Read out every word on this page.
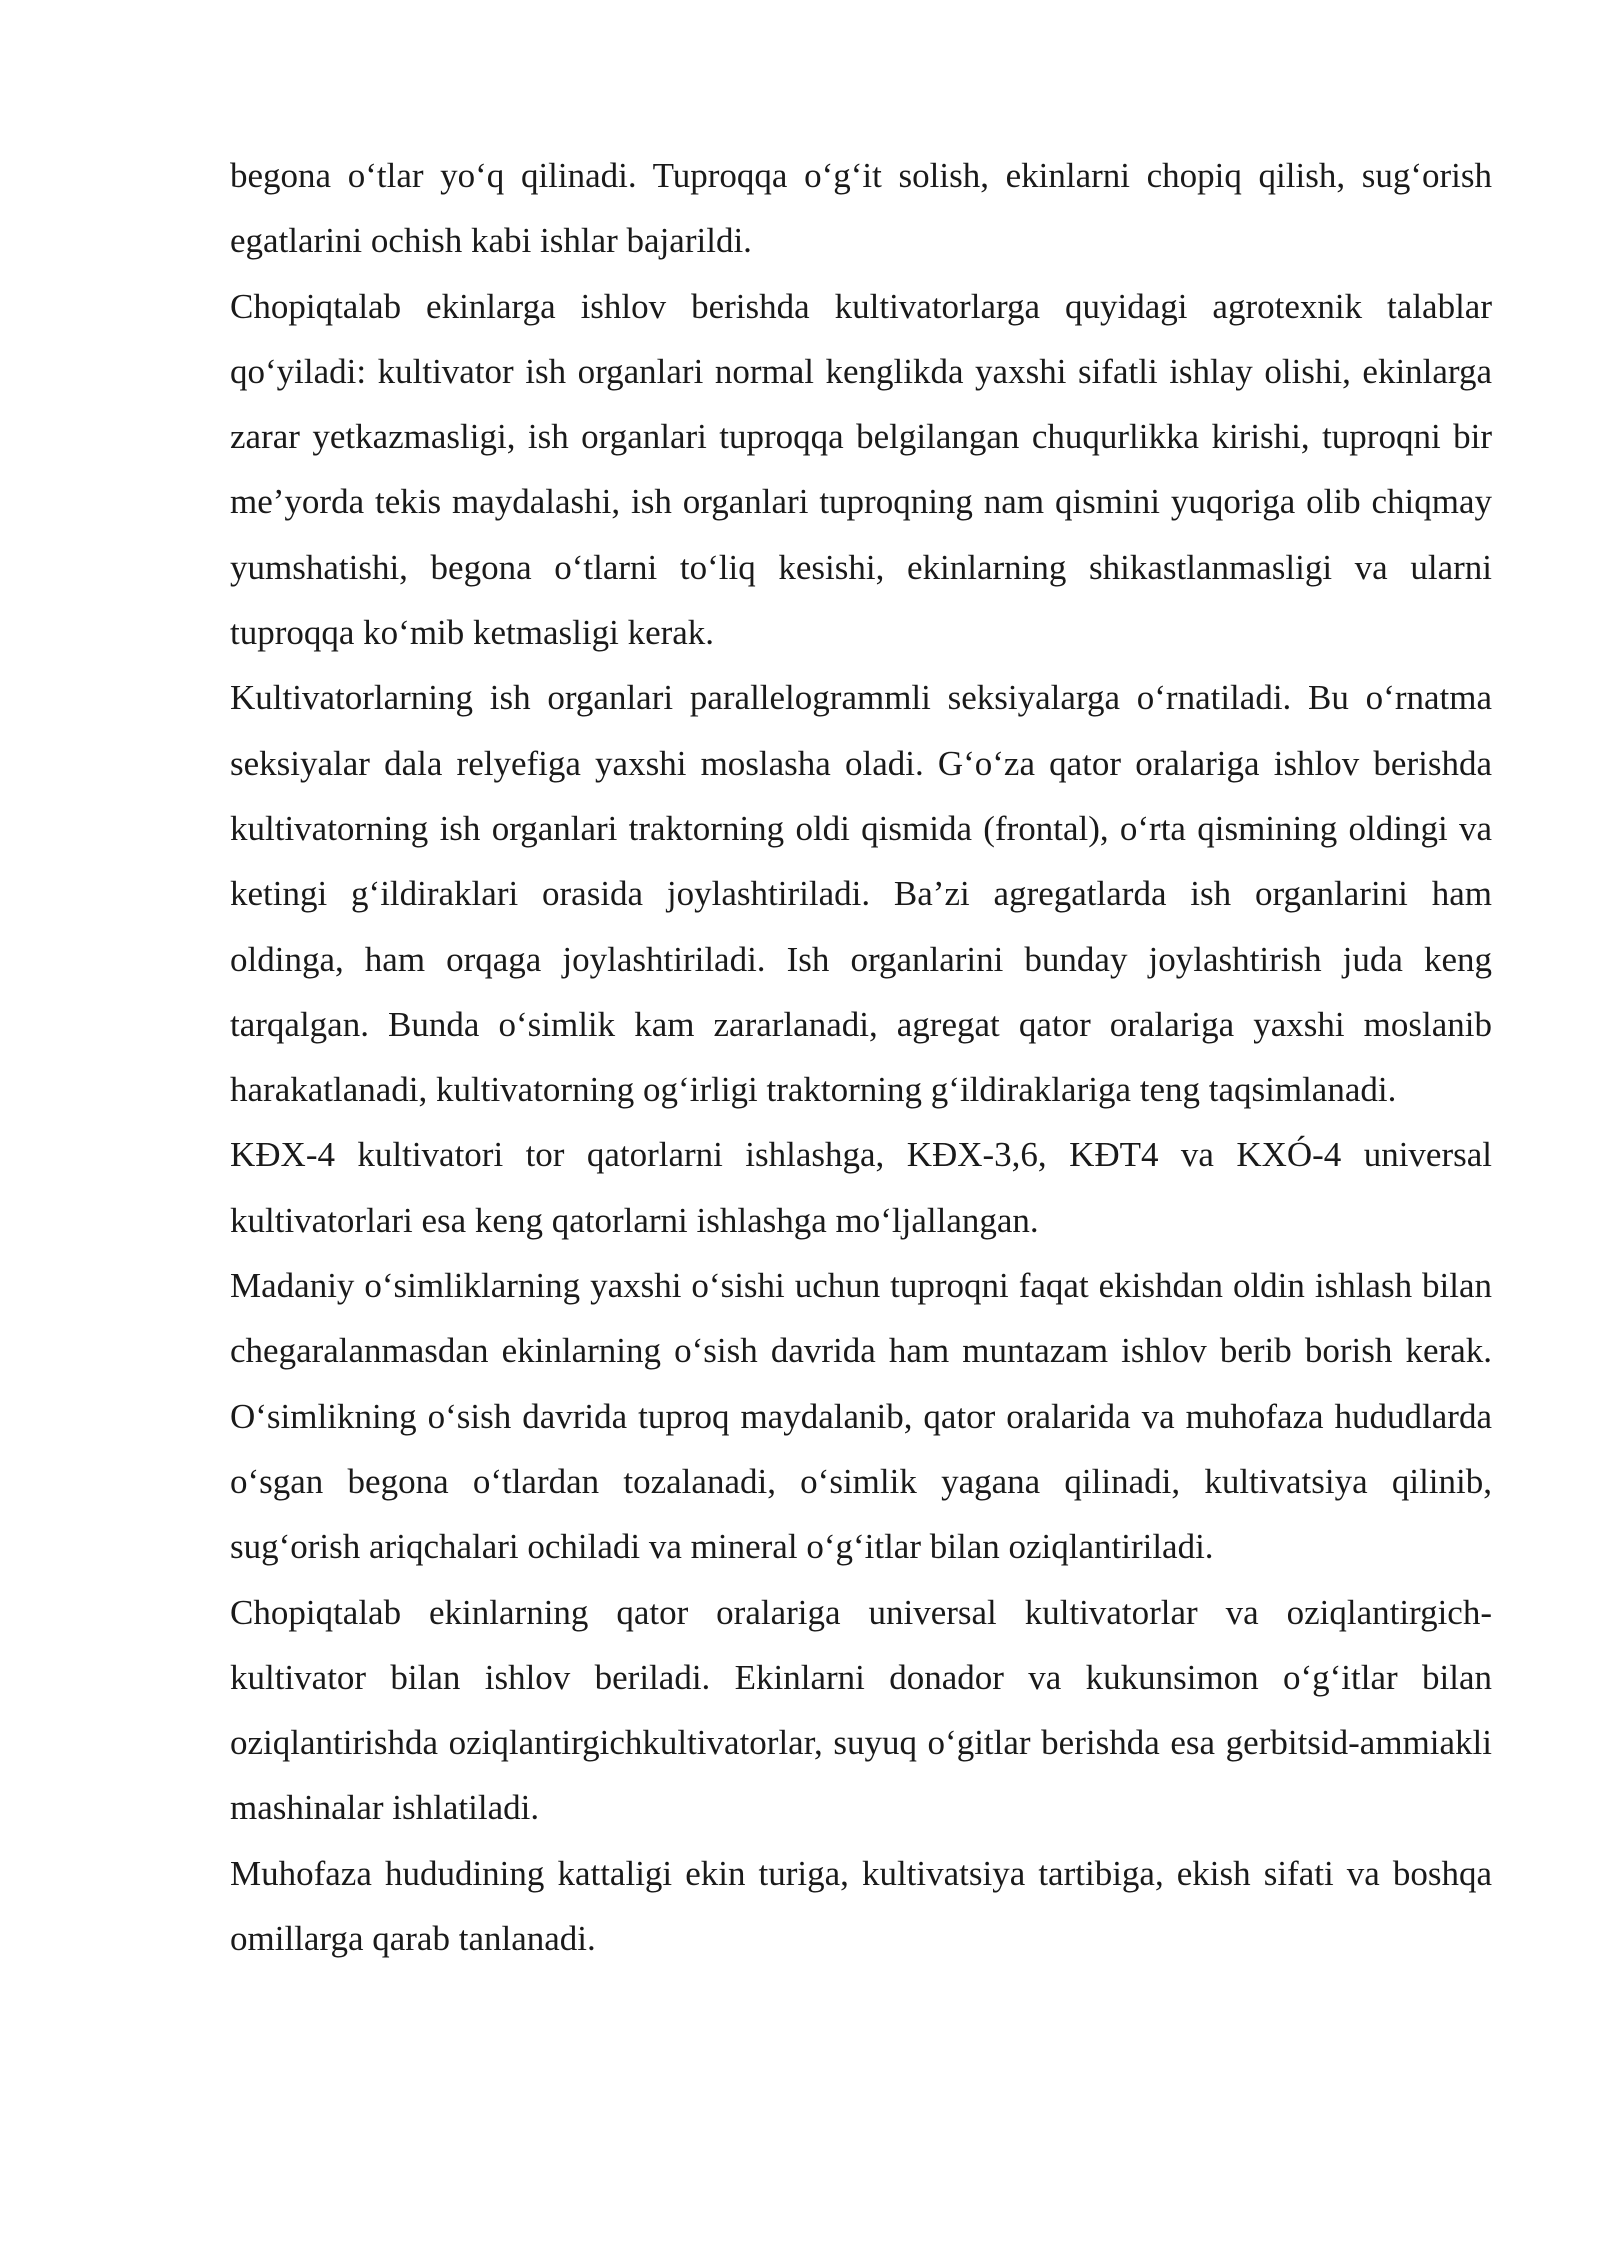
begona o‘tlar yo‘q qilinadi. Tuproqqa o‘g‘it solish, ekinlarni chopiq qilish, sug‘orish egatlarini ochish kabi ishlar bajarildi.

Chopiqtalab ekinlarga ishlov berishda kultivatorlarga quyidagi agrotexnik talablar qo‘yiladi: kultivator ish organlari normal kenglikda yaxshi sifatli ishlay olishi, ekinlarga zarar yetkazmasligi, ish organlari tuproqqa belgilangan chuqurlikka kirishi, tuproqni bir me’yorda tekis maydalashi, ish organlari tuproqning nam qismini yuqoriga olib chiqmay yumshatishi, begona o‘tlarni to‘liq kesishi, ekinlarning shikastlanmasligi va ularni tuproqqa ko‘mib ketmasligi kerak.

Kultivatorlarning ish organlari parallelogrammli seksiyalarga o‘rnatiladi. Bu o‘rnatma seksiyalar dala relyefiga yaxshi moslasha oladi. G‘o‘za qator oralariga ishlov berishda kultivatorning ish organlari traktorning oldi qismida (frontal), o‘rta qismining oldingi va ketingi g‘ildiraklari orasida joylashtiriladi. Ba’zi agregatlarda ish organlarini ham oldinga, ham orqaga joylashtiriladi. Ish organlarini bunday joylashtirish juda keng tarqalgan. Bunda o‘simlik kam zararlanadi, agregat qator oralariga yaxshi moslanib harakatlanadi, kultivatorning og‘irligi traktorning g‘ildiraklariga teng taqsimlanadi.

KĐX-4 kultivatori tor qatorlarni ishlashga, KĐX-3,6, KĐT4 va KXÓ-4 universal kultivatorlari esa keng qatorlarni ishlashga mo‘ljallangan.

Madaniy o‘simliklarning yaxshi o‘sishi uchun tuproqni faqat ekishdan oldin ishlash bilan chegaralanmasdan ekinlarning o‘sish davrida ham muntazam ishlov berib borish kerak. O‘simlikning o‘sish davrida tuproq maydalanib, qator oralarida va muhofaza hududlarda o‘sgan begona o‘tlardan tozalanadi, o‘simlik yagana qilinadi, kultivatsiya qilinib, sug‘orish ariqchalari ochiladi va mineral o‘g‘itlar bilan oziqlantiriladi.

Chopiqtalab ekinlarning qator oralariga universal kultivatorlar va oziqlantirgich-kultivator bilan ishlov beriladi. Ekinlarni donador va kukunsimon o‘g‘itlar bilan oziqlantirishda oziqlantirgichkultivatorlar, suyuq o‘gitlar berishda esa gerbitsid-ammiakli mashinalar ishlatiladi.

Muhofaza hududining kattaligi ekin turiga, kultivatsiya tartibiga, ekish sifati va boshqa omillarga qarab tanlanadi.
